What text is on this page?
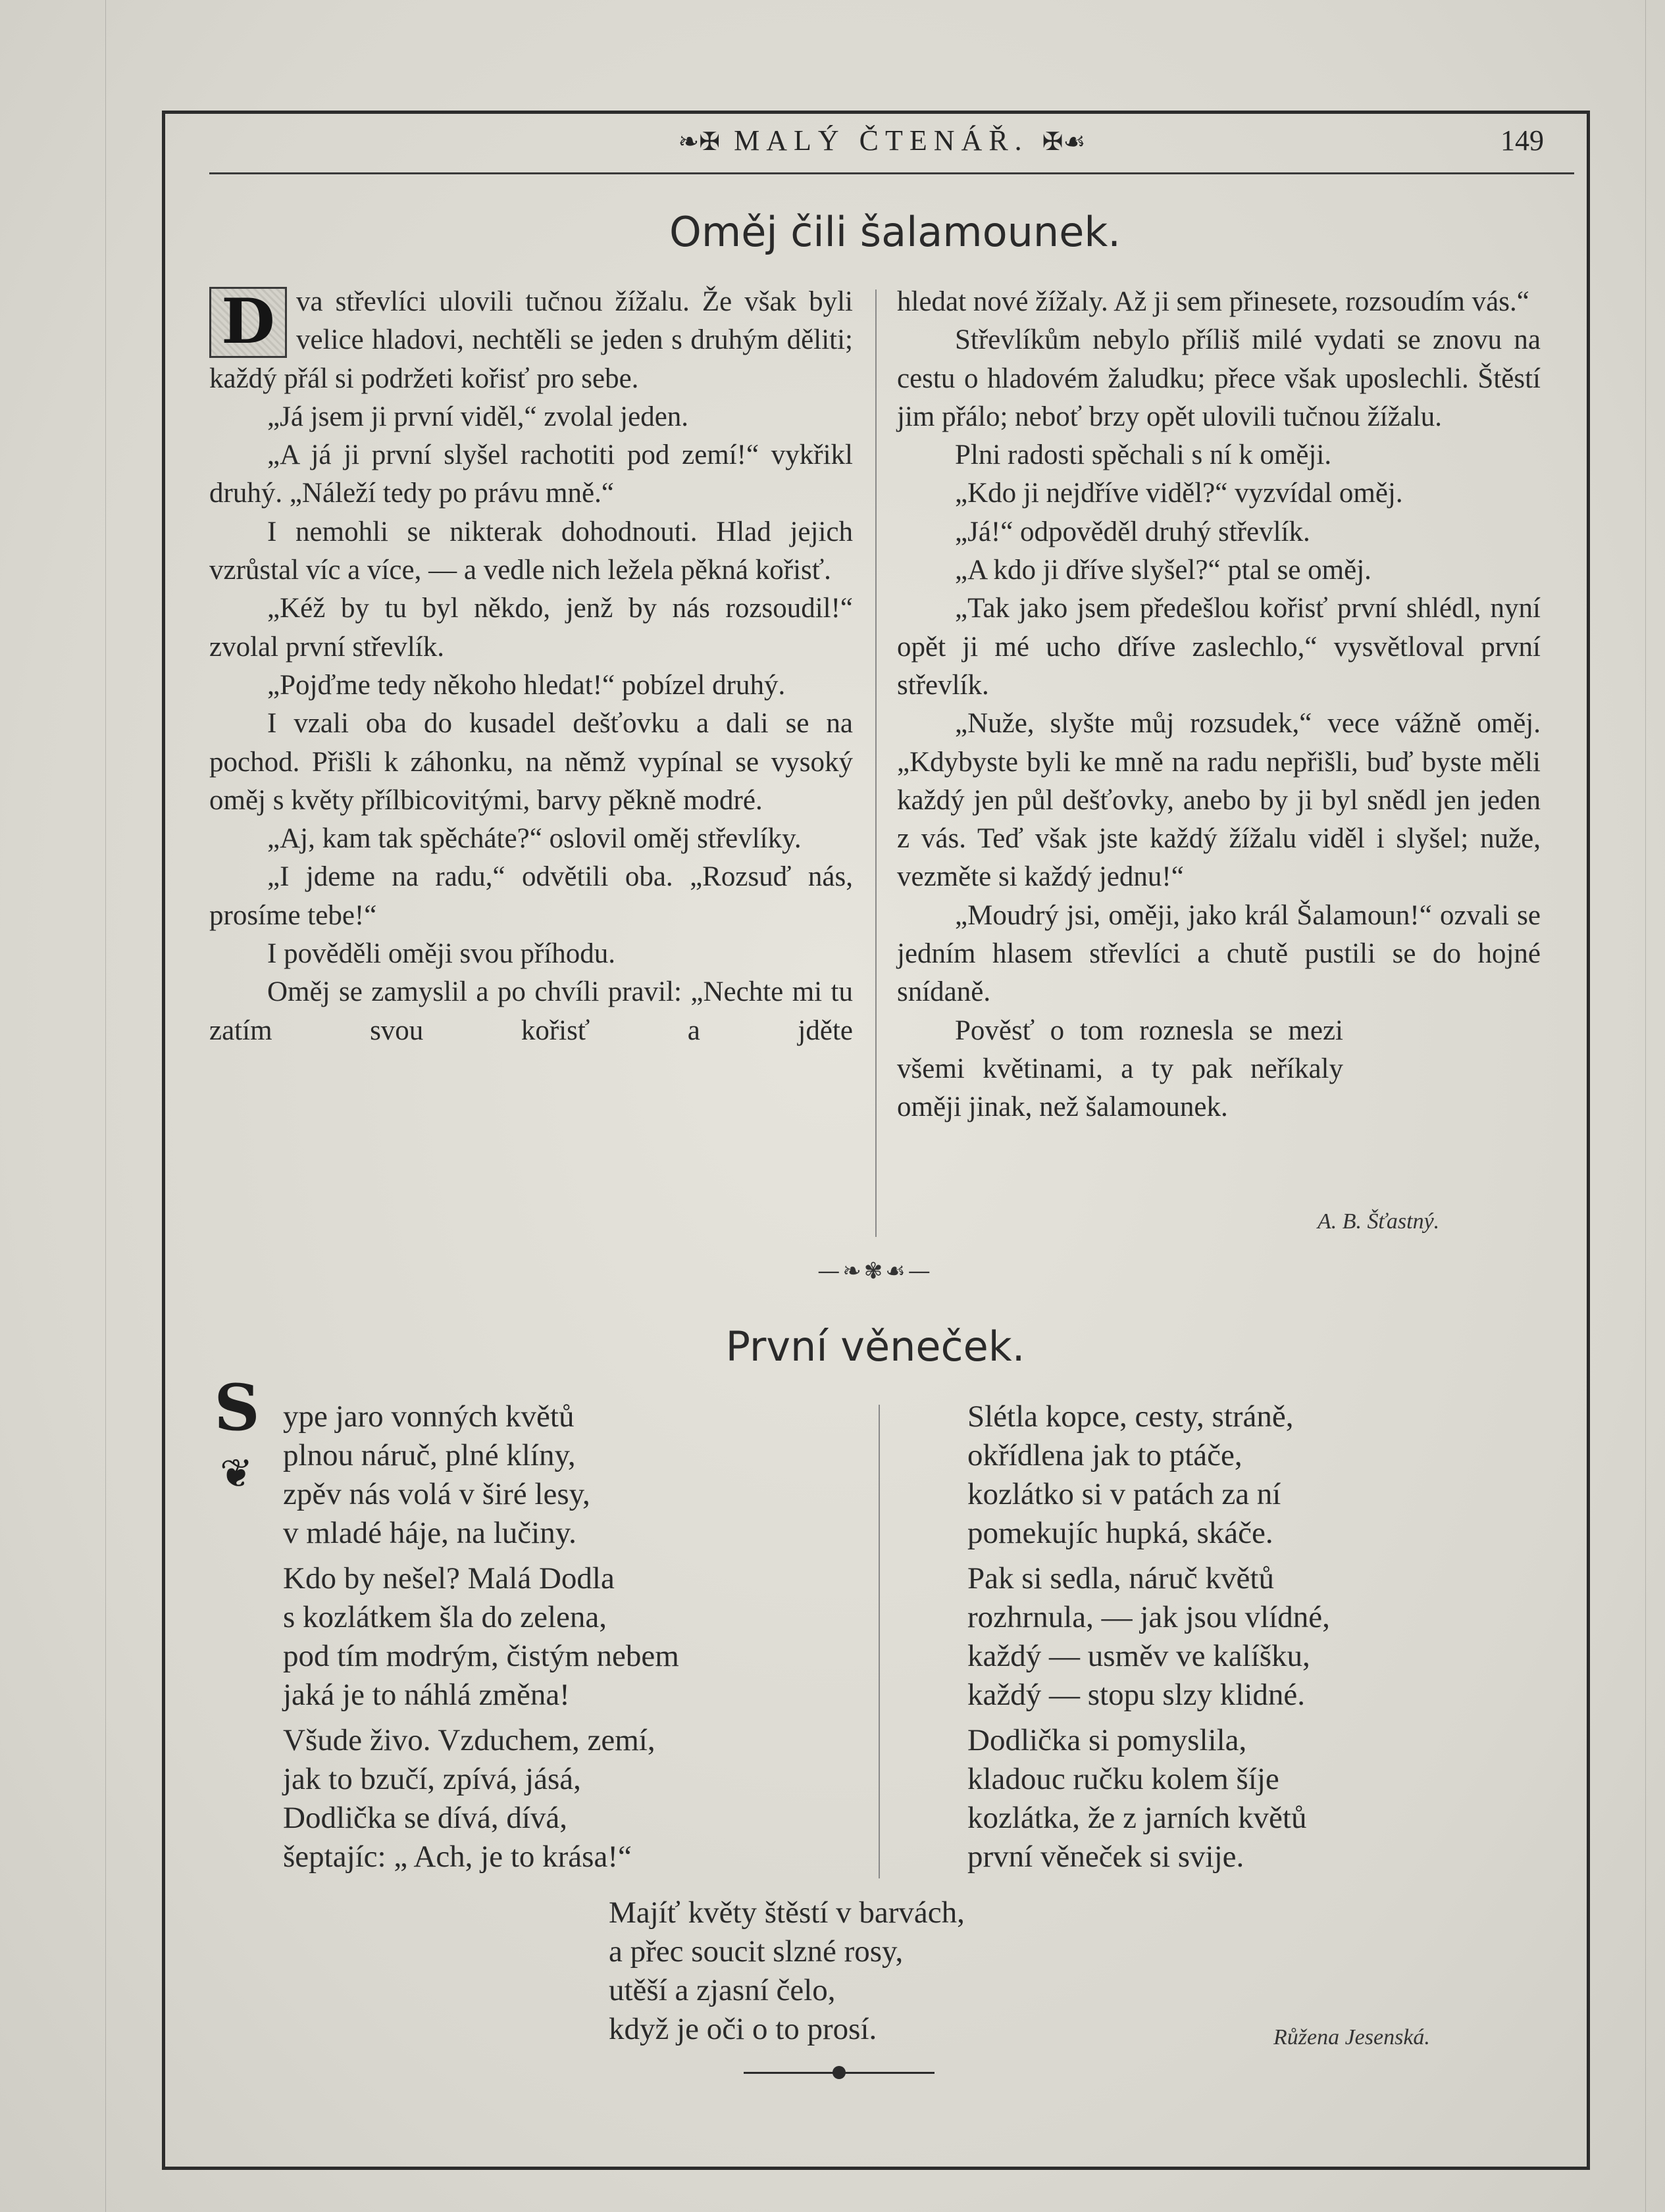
❧✠ MALÝ ČTENÁŘ. ✠☙	149
Oměj čili šalamounek.

D va střevlíci ulovili tučnou žížalu. Že však byli velice hladovi, nechtěli se jeden s druhým děliti; každý přál si podržeti kořisť pro sebe.

„Já jsem ji první viděl,“ zvolal jeden.

„A já ji první slyšel rachotiti pod zemí!“ vykřikl druhý. „Náleží tedy po právu mně.“

I nemohli se nikterak dohodnouti. Hlad jejich vzrůstal víc a více, — a vedle nich ležela pěkná kořisť.

„Kéž by tu byl někdo, jenž by nás rozsoudil!“ zvolal první střevlík.

„Pojďme tedy někoho hledat!“ pobízel druhý.

I vzali oba do kusadel dešťovku a dali se na pochod. Přišli k záhonku, na němž vypínal se vysoký oměj s květy přílbicovitými, barvy pěkně modré.

„Aj, kam tak spěcháte?“ oslovil oměj střevlíky.

„I jdeme na radu,“ odvětili oba. „Rozsuď nás, prosíme tebe!“

I pověděli oměji svou příhodu.

Oměj se zamyslil a po chvíli pravil: „Nechte mi tu zatím svou kořisť a jděte

hledat nové žížaly. Až ji sem přinesete, rozsoudím vás.“

Střevlíkům nebylo příliš milé vydati se znovu na cestu o hladovém žaludku; přece však uposlechli. Štěstí jim přálo; neboť brzy opět ulovili tučnou žížalu.

Plni radosti spěchali s ní k oměji.

„Kdo ji nejdříve viděl?“ vyzvídal oměj.

„Já!“ odpověděl druhý střevlík.

„A kdo ji dříve slyšel?“ ptal se oměj.

„Tak jako jsem předešlou kořisť první shlédl, nyní opět ji mé ucho dříve zaslechlo,“ vysvětloval první střevlík.

„Nuže, slyšte můj rozsudek,“ vece vážně oměj. „Kdybyste byli ke mně na radu nepřišli, buď byste měli každý jen půl dešťovky, anebo by ji byl snědl jen jeden z vás. Teď však jste každý žížalu viděl i slyšel; nuže, vezměte si každý jednu!“

„Moudrý jsi, oměji, jako král Šalamoun!“ ozvali se jedním hlasem střevlíci a chutě pustili se do hojné snídaně.

Pověsť o tom roznesla se mezi všemi květinami, a ty pak neříkaly oměji jinak, než šalamounek.

A. B. Šťastný.
—❧✾☙—
První věneček.
S
❦
ype jaro vonných květů
plnou náruč, plné klíny,
zpěv nás volá v širé lesy,
v mladé háje, na lučiny.
Kdo by nešel? Malá Dodla
s kozlátkem šla do zelena,
pod tím modrým, čistým nebem
jaká je to náhlá změna!
Všude živo. Vzduchem, zemí,
jak to bzučí, zpívá, jásá,
Dodlička se dívá, dívá,
šeptajíc: „ Ach, je to krása!“
Slétla kopce, cesty, stráně,
okřídlena jak to ptáče,
kozlátko si v patách za ní
pomekujíc hupká, skáče.
Pak si sedla, náruč květů
rozhrnula, — jak jsou vlídné,
každý — usměv ve kalíšku,
každý — stopu slzy klidné.
Dodlička si pomyslila,
kladouc ručku kolem šíje
kozlátka, že z jarních květů
první věneček si svije.
Majíť květy štěstí v barvách,
a přec soucit slzné rosy,
utěší a zjasní čelo,
když je oči o to prosí.	Růžena Jesenská.
